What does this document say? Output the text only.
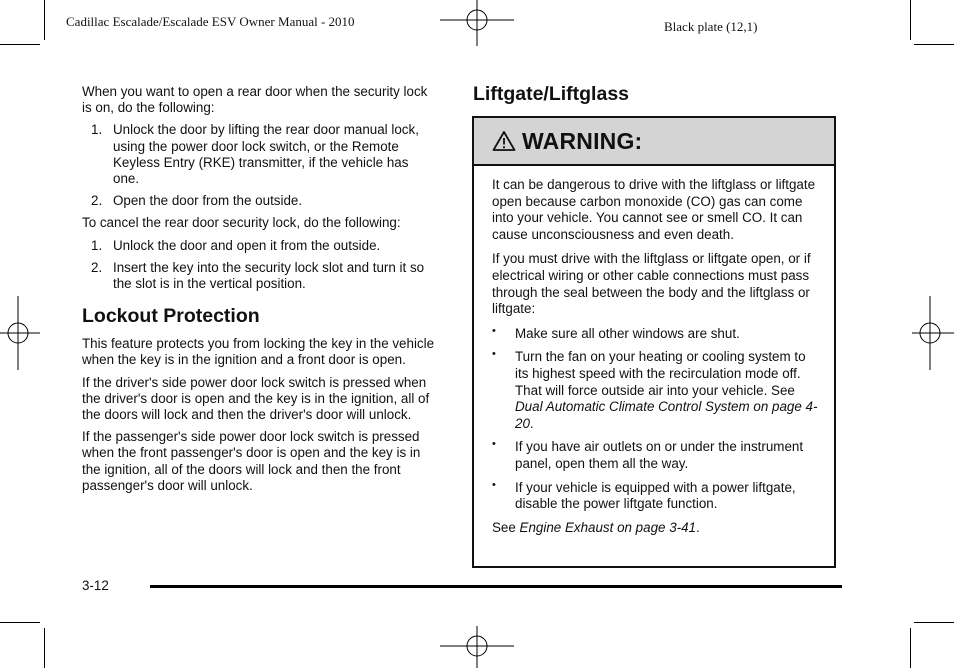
Cadillac Escalade/Escalade ESV Owner Manual - 2010	Black plate (12,1)

When you want to open a rear door when the security lock is on, do the following:

1. Unlock the door by lifting the rear door manual lock, using the power door lock switch, or the Remote Keyless Entry (RKE) transmitter, if the vehicle has one.
2. Open the door from the outside.

To cancel the rear door security lock, do the following:

1. Unlock the door and open it from the outside.
2. Insert the key into the security lock slot and turn it so the slot is in the vertical position.
Lockout Protection

This feature protects you from locking the key in the vehicle when the key is in the ignition and a front door is open.

If the driver's side power door lock switch is pressed when the driver's door is open and the key is in the ignition, all of the doors will lock and then the driver's door will unlock.

If the passenger's side power door lock switch is pressed when the front passenger's door is open and the key is in the ignition, all of the doors will lock and then the front passenger's door will unlock.

Liftgate/Liftglass
WARNING:

It can be dangerous to drive with the liftglass or liftgate open because carbon monoxide (CO) gas can come into your vehicle. You cannot see or smell CO. It can cause unconsciousness and even death.

If you must drive with the liftglass or liftgate open, or if electrical wiring or other cable connections must pass through the seal between the body and the liftglass or liftgate:

• Make sure all other windows are shut.
• Turn the fan on your heating or cooling system to its highest speed with the recirculation mode off. That will force outside air into your vehicle. See Dual Automatic Climate Control System on page 4-20.
• If you have air outlets on or under the instrument panel, open them all the way.
• If your vehicle is equipped with a power liftgate, disable the power liftgate function.

See Engine Exhaust on page 3-41.

3-12
